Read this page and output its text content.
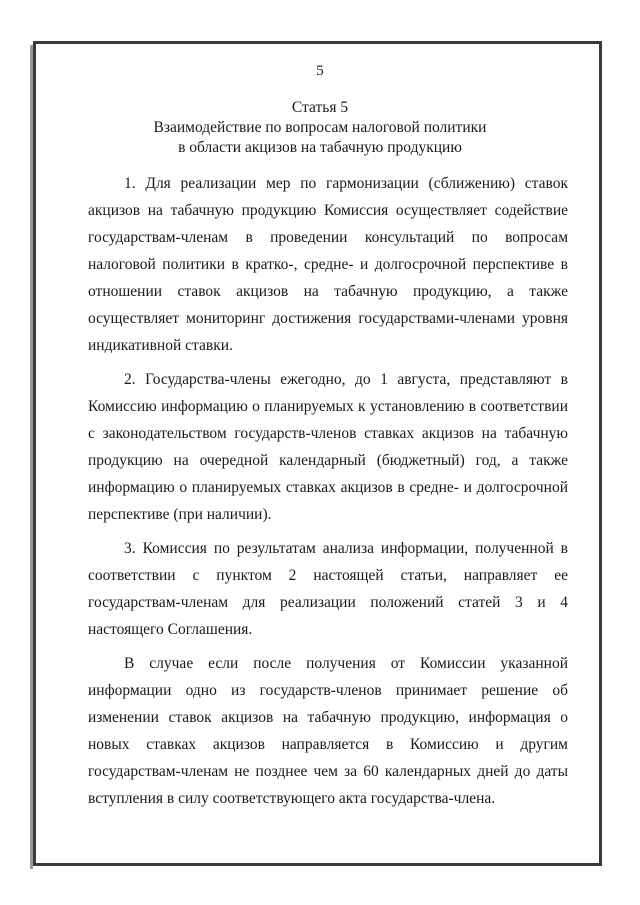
5
Статья 5
Взаимодействие по вопросам налоговой политики
в области акцизов на табачную продукцию

1. Для реализации мер по гармонизации (сближению) ставок акцизов на табачную продукцию Комиссия осуществляет содействие государствам-членам в проведении консультаций по вопросам налоговой политики в кратко-, средне- и долгосрочной перспективе в отношении ставок акцизов на табачную продукцию, а также осуществляет мониторинг достижения государствами-членами уровня индикативной ставки.

2. Государства-члены ежегодно, до 1 августа, представляют в Комиссию информацию о планируемых к установлению в соответствии с законодательством государств-членов ставках акцизов на табачную продукцию на очередной календарный (бюджетный) год, а также информацию о планируемых ставках акцизов в средне- и долгосрочной перспективе (при наличии).

3. Комиссия по результатам анализа информации, полученной в соответствии с пунктом 2 настоящей статьи, направляет ее государствам-членам для реализации положений статей 3 и 4 настоящего Соглашения.

В случае если после получения от Комиссии указанной информации одно из государств-членов принимает решение об изменении ставок акцизов на табачную продукцию, информация о новых ставках акцизов направляется в Комиссию и другим государствам-членам не позднее чем за 60 календарных дней до даты вступления в силу соответствующего акта государства-члена.
